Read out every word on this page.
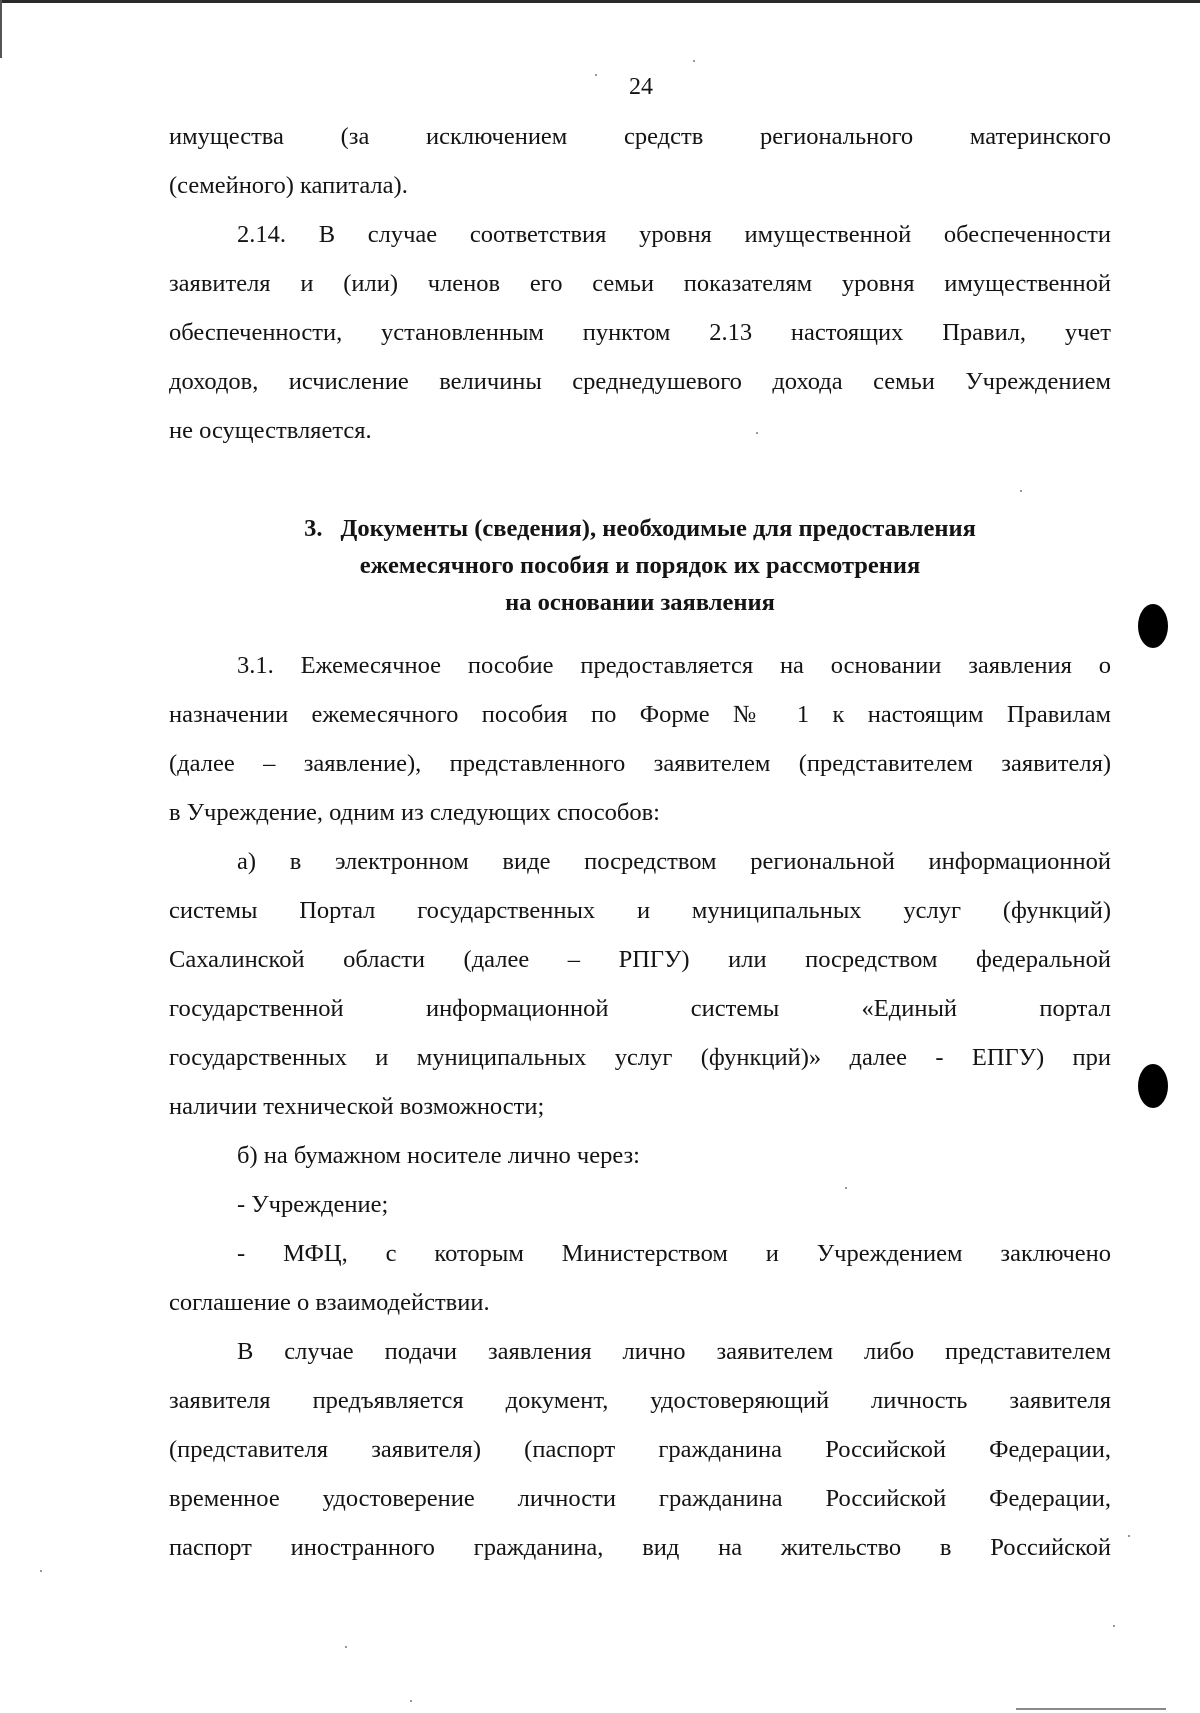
24
имущества (за исключением средств регионального материнского
(семейного) капитала).
2.14. В случае соответствия уровня имущественной обеспеченности
заявителя и (или) членов его семьи показателям уровня имущественной
обеспеченности, установленным пунктом 2.13 настоящих Правил, учет
доходов, исчисление величины среднедушевого дохода семьи Учреждением
не осуществляется.
3. Документы (сведения), необходимые для предоставления
ежемесячного пособия и порядок их рассмотрения
на основании заявления
3.1. Ежемесячное пособие предоставляется на основании заявления о
назначении ежемесячного пособия по Форме № 1 к настоящим Правилам
(далее – заявление), представленного заявителем (представителем заявителя)
в Учреждение, одним из следующих способов:
а) в электронном виде посредством региональной информационной
системы Портал государственных и муниципальных услуг (функций)
Сахалинской области (далее – РПГУ) или посредством федеральной
государственной информационной системы «Единый портал
государственных и муниципальных услуг (функций)» далее - ЕПГУ) при
наличии технической возможности;
б) на бумажном носителе лично через:
- Учреждение;
- МФЦ, с которым Министерством и Учреждением заключено
соглашение о взаимодействии.
В случае подачи заявления лично заявителем либо представителем
заявителя предъявляется документ, удостоверяющий личность заявителя
(представителя заявителя) (паспорт гражданина Российской Федерации,
временное удостоверение личности гражданина Российской Федерации,
паспорт иностранного гражданина, вид на жительство в Российской
